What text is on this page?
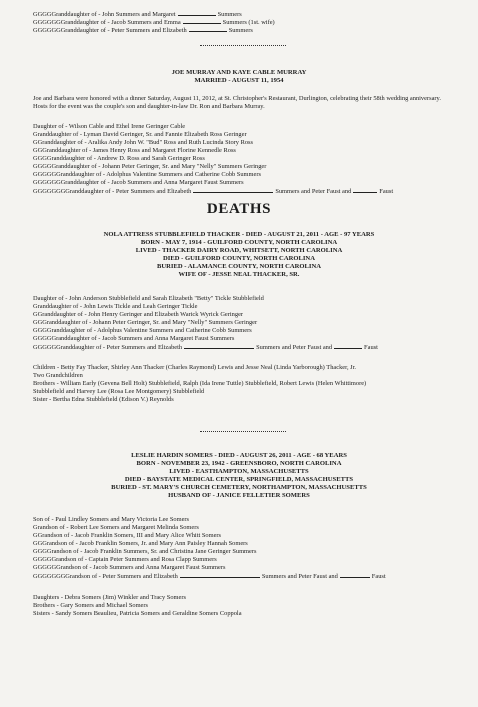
GGGGGranddaughter of - John Summers and Margaret	Summers
GGGGGGGranddaughter of - Jacob Summers and Emma	Summers (1st. wife)
GGGGGGGranddaughter of - Peter Summers and Elizabeth	Summers
JOE MURRAY AND KAYE CABLE MURRAY
MARRIED - AUGUST 11, 1954
Joe and Barbara were honored with a dinner Saturday, August 11, 2012, at St. Christopher's Restaurant, Durlington, celebrating their 58th wedding anniversary. Hosts for the event was the couple's son and daughter-in-law Dr. Ron and Barbara Murray.
Daughter of - Wilson Cable and Ethel Irene Geringer Cable
Granddaughter of - Lyman David Geringer, Sr. and Fannie Elizabeth Ross Geringer
GGranddaughter of - Aralika Andy John W. "Bud" Ross and Ruth Lucinda Story Ross
GGGranddaughter of - James Henry Ross and Margaret Florine Kennedle Ross
GGGGranddaughter of - Andrew D. Ross and Sarah Geringer Ross
GGGGGranddaughter of - Johann Peter Geringer, Sr. and Mary "Nelly" Summers Geringer
GGGGGGranddaughter of - Adolphus Valentine Summers and Catherine Cobb Summers
GGGGGGGranddaughter of - Jacob Summers and Anna Margaret Faust Summers
GGGGGGGGranddaughter of - Peter Summers and Elizabeth	Summers and Peter Faust and	Faust
DEATHS
NOLA ATTRESS STUBBLEFIELD THACKER - DIED - AUGUST 21, 2011 - AGE - 97 YEARS
BORN - MAY 7, 1914 - GUILFORD COUNTY, NORTH CAROLINA
LIVED - THACKER DAIRY ROAD, WHITSETT, NORTH CAROLINA
DIED - GUILFORD COUNTY, NORTH CAROLINA
BURIED - ALAMANCE COUNTY, NORTH CAROLINA
WIFE OF - JESSE NEAL THACKER, SR.
Daughter of - John Anderson Stubblefield and Sarah Elizabeth "Betty" Tickle Stubblefield
Granddaughter of - John Lewis Tickle and Leah Geringer Tickle
GGranddaughter of - John Henry Geringer and Elizabeth Warick Wyrick Geringer
GGGranddaughter of - Johann Peter Geringer, Sr. and Mary "Nelly" Summers Geringer
GGGGranddaughter of - Adolphus Valentine Summers and Catherine Cobb Summers
GGGGGranddaughter of - Jacob Summers and Anna Margaret Faust Summers
GGGGGGranddaughter of - Peter Summers and Elizabeth	Summers and Peter Faust and	Faust
Children - Betty Fay Thacker, Shirley Ann Thacker (Charles Raymond) Lewis and Jesse Neal (Linda Yarborough) Thacker, Jr.
Two Grandchildren
Brothers - William Early (Gevena Bell Holt) Stubblefield, Ralph (Ida Irene Tuttle) Stubblefield, Robert Lewis (Helen Whittimore)
Stubblefield and Harvey Lee (Rosa Lee Montgomery) Stubblefield
Sister - Bertha Edna Stubblefield (Edison V.) Reynolds
LESLIE HARDIN SOMERS - DIED - AUGUST 26, 2011 - AGE - 68 YEARS
BORN - NOVEMBER 23, 1942 - GREENSBORO, NORTH CAROLINA
LIVED - EASTHAMPTON, MASSACHUSETTS
DIED - BAYSTATE MEDICAL CENTER, SPRINGFIELD, MASSACHUSETTS
BURIED - ST. MARY'S CHURCH CEMETERY, NORTHAMPTON, MASSACHUSETTS
HUSBAND OF - JANICE FELLETIER SOMERS
Son of - Paul Lindley Somers and Mary Victoria Lee Somers
Grandson of - Robert Lee Somers and Margaret Melinda Somers
GGrandson of - Jacob Franklin Somers, III and Mary Alice Whitt Somers
GGGrandson of - Jacob Franklin Somers, Jr. and Mary Ann Paisley Hannah Somers
GGGGrandson of - Jacob Franklin Summers, Sr. and Christina Jane Geringer Summers
GGGGGrandson of - Captain Peter Summers and Rosa Clapp Summers
GGGGGGrandson of - Jacob Summers and Anna Margaret Faust Summers
GGGGGGGGrandson of - Peter Summers and Elizabeth	Summers and Peter Faust and	Faust
Daughters - Debra Somers (Jim) Winkler and Tracy Somers
Brothers - Gary Somers and Michael Somers
Sisters - Sandy Somers Beaulieu, Patricia Somers and Geraldine Somers Coppola
